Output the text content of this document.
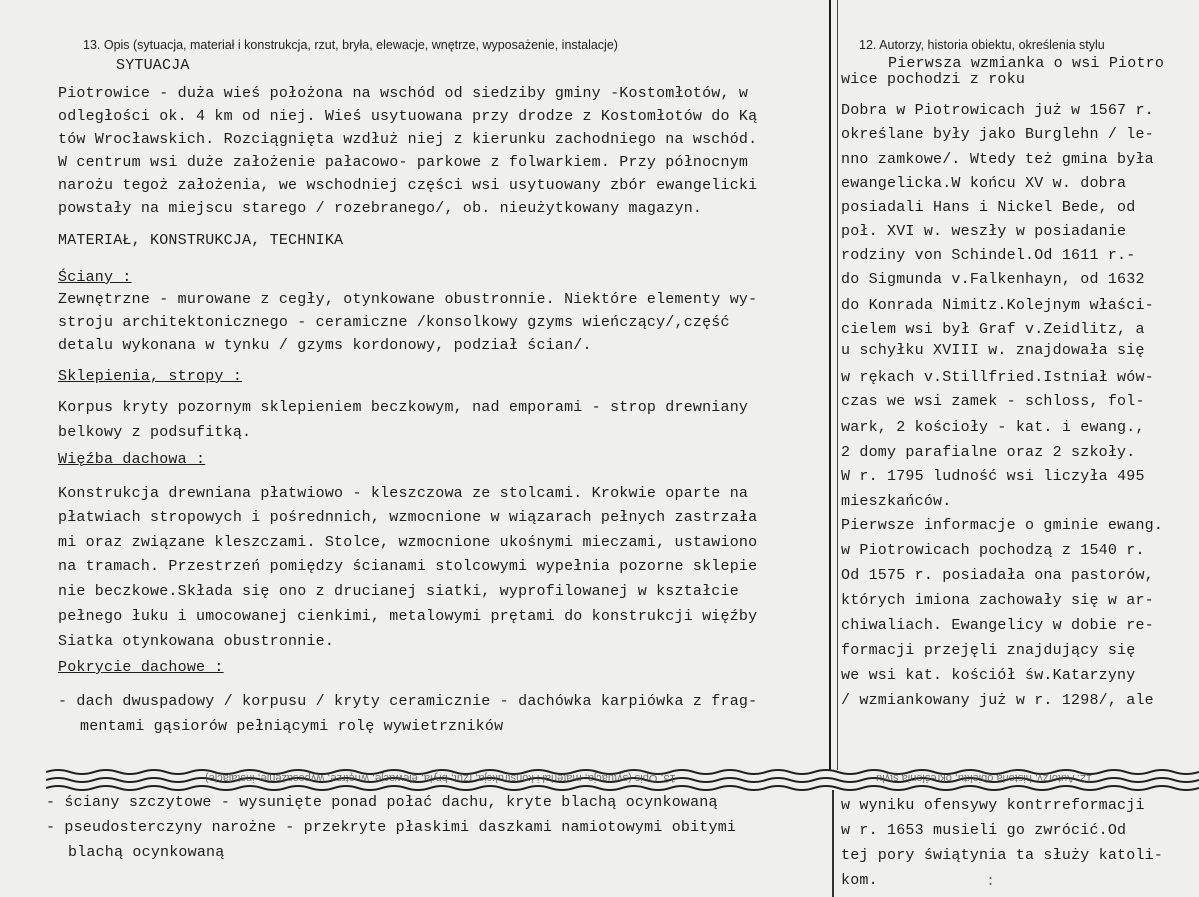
13. Opis (sytuacja, materiał i konstrukcja, rzut, bryła, elewacje, wnętrze, wyposażenie, instalacje)	12. Autorzy, historia obiektu, określenia stylu
SYTUACJA
Piotrowice - duża wieś położona na wschód od siedziby gminy -Kostomłotów, w
odległości ok. 4 km od niej. Wieś usytuowana przy drodze z Kostomłotów do Ką
tów Wrocławskich. Rozciągnięta wzdłuż niej z kierunku zachodniego na wschód.
W centrum wsi duże założenie pałacowo- parkowe z folwarkiem. Przy północnym
narożu tegoż założenia, we wschodniej części wsi usytuowany zbór ewangelicki
powstały na miejscu starego / rozebranego/, ob. nieużytkowany magazyn.
MATERIAŁ, KONSTRUKCJA, TECHNIKA
Ściany :
Zewnętrzne - murowane z cegły, otynkowane obustronnie. Niektóre elementy wy-
stroju architektonicznego - ceramiczne /konsolkowy gzyms wieńczący/,część
detalu wykonana w tynku / gzyms kordonowy, podział ścian/.
Sklepienia, stropy :
Korpus kryty pozornym sklepieniem beczkowym, nad emporami - strop drewniany
belkowy z podsufitką.
Więźba dachowa :
Konstrukcja drewniana płatwiowo - kleszczowa ze stolcami. Krokwie oparte na
płatwiach stropowych i pośrednnich, wzmocnione w wiązarach pełnych zastrzała
mi oraz związane kleszczami. Stolce, wzmocnione ukośnymi mieczami, ustawiono
na tramach. Przestrzeń pomiędzy ścianami stolcowymi wypełnia pozorne sklepie
nie beczkowe.Składa się ono z drucianej siatki, wyprofilowanej w kształcie
pełnego łuku i umocowanej cienkimi, metalowymi prętami do konstrukcji więźby
Siatka otynkowana obustronnie.
Pokrycie dachowe :
- dach dwuspadowy / korpusu / kryty ceramicznie - dachówka karpiówka z frag-
mentami gąsiorów pełniącymi rolę wywietrzników
Pierwsza wzmianka o wsi Piotro
wice pochodzi z roku
Dobra w Piotrowicach już w 1567 r.
określane były jako Burglehn / le-
nno zamkowe/. Wtedy też gmina była
ewangelicka.W końcu XV w. dobra
posiadali Hans i Nickel Bede, od
poł. XVI w. weszły w posiadanie
rodziny von Schindel.Od 1611 r.-
do Sigmunda v.Falkenhayn, od 1632
do Konrada Nimitz.Kolejnym właści-
cielem wsi był Graf v.Zeidlitz, a
u schyłku XVIII w. znajdowała się
w rękach v.Stillfried.Istniał wów-
czas we wsi zamek - schloss, fol-
wark, 2 kościoły - kat. i ewang.,
2 domy parafialne oraz 2 szkoły.
W r. 1795 ludność wsi liczyła 495
mieszkańców.
Pierwsze informacje o gminie ewang.
w Piotrowicach pochodzą z 1540 r.
Od 1575 r. posiadała ona pastorów,
których imiona zachowały się w ar-
chiwaliach. Ewangelicy w dobie re-
formacji przejęli znajdujący się
we wsi kat. kościół św.Katarzyny
/ wzmiankowany już w r. 1298/, ale
13. Opis (sytuacja, materiał i konstrukcja, rzut, bryła, elewacje, wnętrze, wyposażenie, instalacje)	12. Autorzy, historia obiektu, określenia stylu
- ściany szczytowe - wysunięte ponad połać dachu, kryte blachą ocynkowaną
- pseudosterczyny narożne - przekryte płaskimi daszkami namiotowymi obitymi
blachą ocynkowaną
w wyniku ofensywy kontrreformacji
w r. 1653 musieli go zwrócić.Od
tej pory świątynia ta służy katoli-
kom.	:
